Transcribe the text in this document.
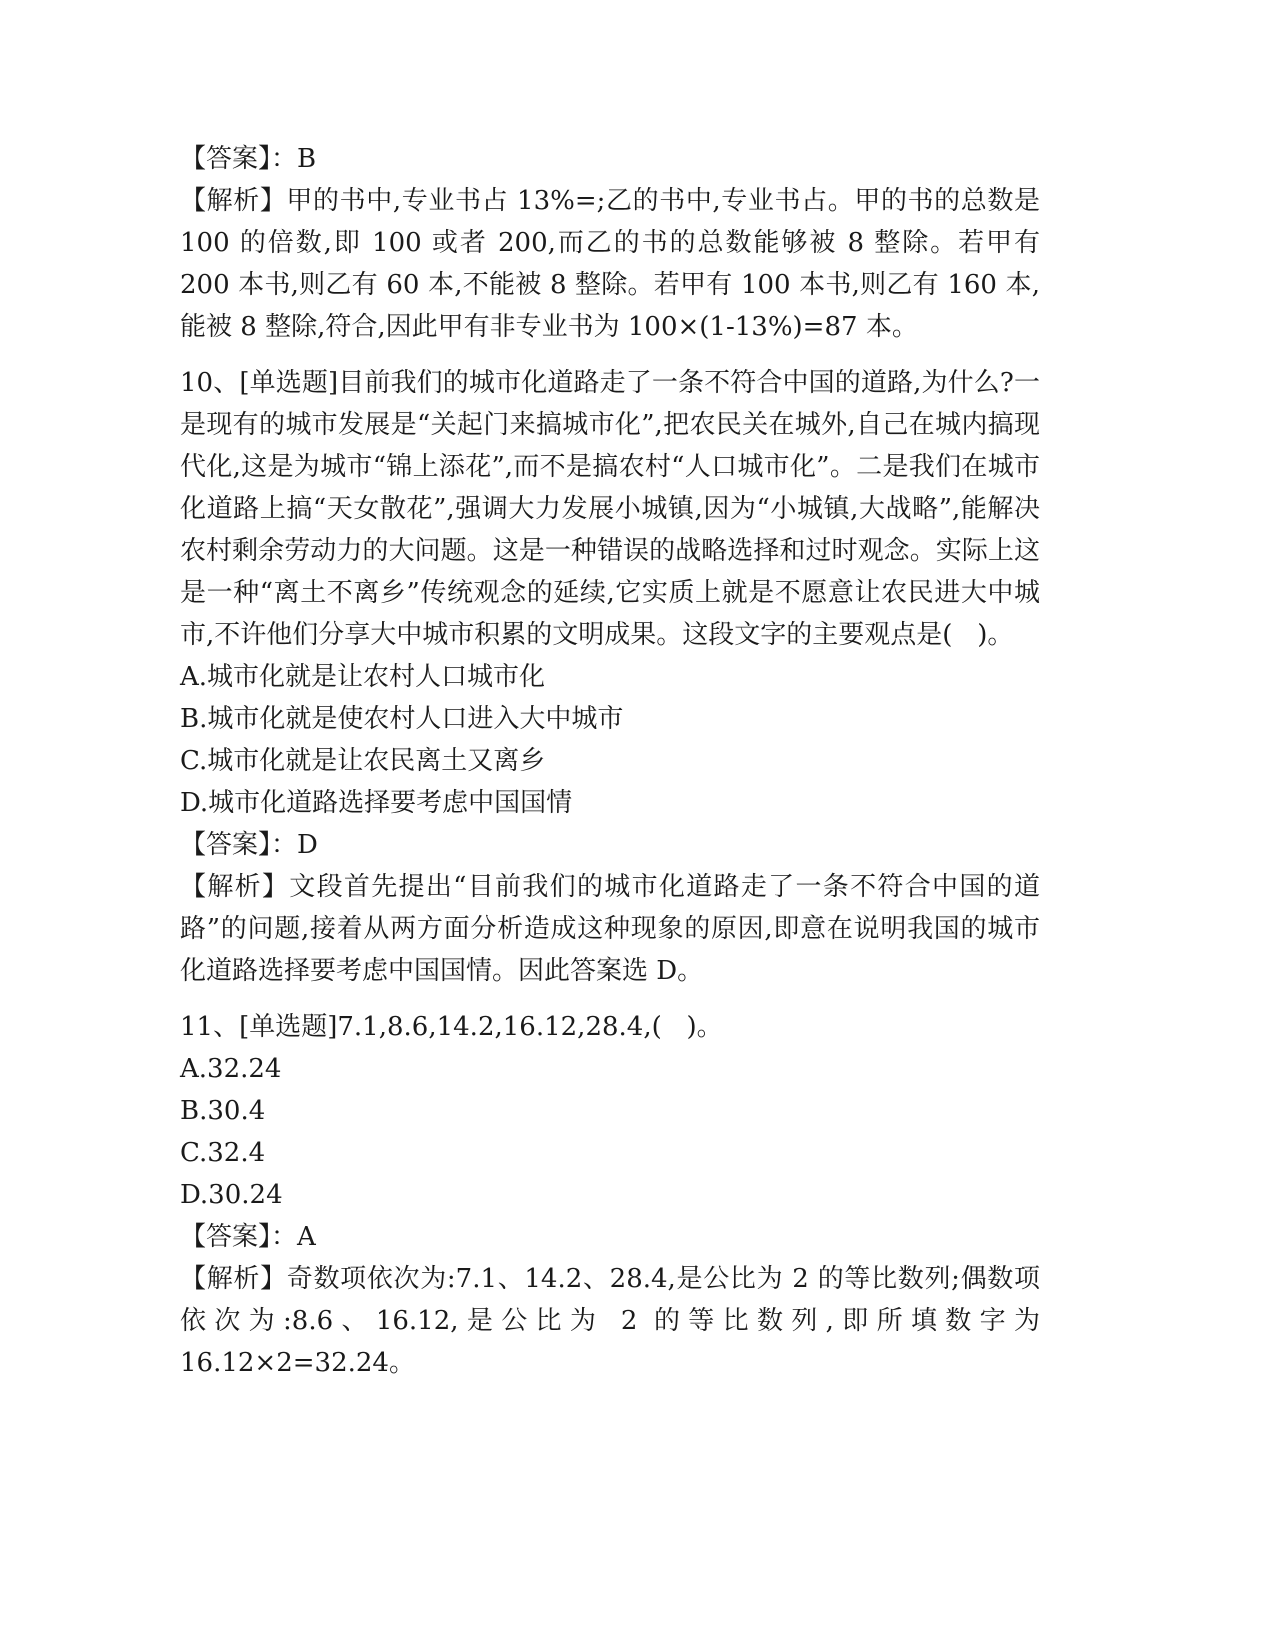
【答案】：B

【解析】甲的书中,专业书占 13%=;乙的书中,专业书占。甲的书的总数是 100 的倍数,即 100 或者 200,而乙的书的总数能够被 8 整除。若甲有 200 本书,则乙有 60 本,不能被 8 整除。若甲有 100 本书,则乙有 160 本,能被 8 整除,符合,因此甲有非专业书为 100×(1-13%)=87 本。

10、[单选题]目前我们的城市化道路走了一条不符合中国的道路,为什么?一是现有的城市发展是“关起门来搞城市化”,把农民关在城外,自己在城内搞现代化,这是为城市“锦上添花”,而不是搞农村“人口城市化”。二是我们在城市化道路上搞“天女散花”,强调大力发展小城镇,因为“小城镇,大战略”,能解决农村剩余劳动力的大问题。这是一种错误的战略选择和过时观念。实际上这是一种“离土不离乡”传统观念的延续,它实质上就是不愿意让农民进大中城市,不许他们分享大中城市积累的文明成果。这段文字的主要观点是(   )。

A.城市化就是让农村人口城市化

B.城市化就是使农村人口进入大中城市

C.城市化就是让农民离土又离乡

D.城市化道路选择要考虑中国国情

【答案】：D

【解析】文段首先提出“目前我们的城市化道路走了一条不符合中国的道路”的问题,接着从两方面分析造成这种现象的原因,即意在说明我国的城市化道路选择要考虑中国国情。因此答案选 D。

11、[单选题]7.1,8.6,14.2,16.12,28.4,(   )。

A.32.24

B.30.4

C.32.4

D.30.24

【答案】：A

【解析】奇数项依次为:7.1、14.2、28.4,是公比为 2 的等比数列;偶数项依次为:8.6、16.12,是公比为 2 的等比数列,即所填数字为 16.12×2=32.24。
